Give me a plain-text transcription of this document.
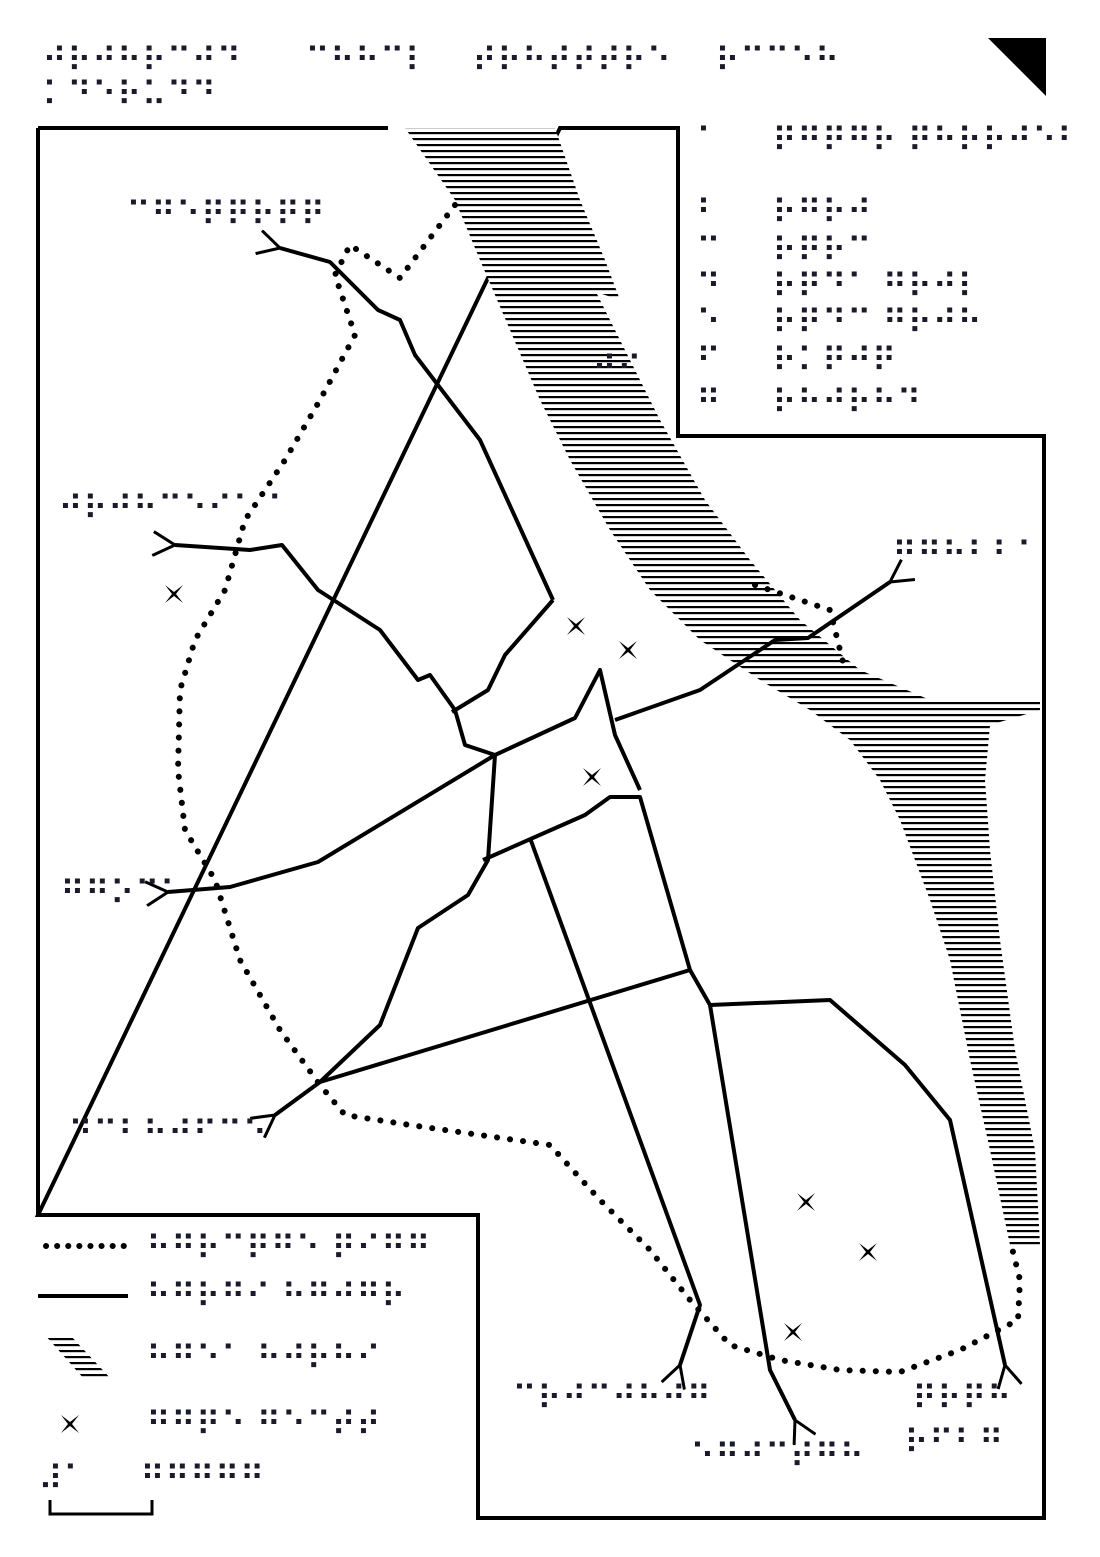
⠚⠗⠚⠓⠗⠉⠚⠙ ⠉⠓⠓⠉⠇ ⠞⠗⠓⠞⠞⠞⠗⠑ ⠗⠉⠉⠑⠓
⠅⠙⠑⠗⠥⠙⠙
⠉⠛⠑⠟⠟⠗⠟⠟
⠚⠗⠚⠓⠉⠑⠊⠁⠈
⠛⠛⠕⠉⠁
⠙⠉⠃⠓⠚⠋⠉⠑
⠉⠗⠚⠉⠚⠓⠚⠛
⠑⠛⠚⠉⠞⠛⠓
⠟⠗⠟⠓
⠗⠋⠃⠛
⠛⠛⠓⠃⠃⠁
⠚⠊
⠁ ⠟⠛⠟⠛⠗ ⠟⠓⠗⠗⠚⠑⠃
⠃ ⠗⠛⠗⠚
⠉ ⠗⠟⠗⠉
⠙ ⠗⠟⠙⠁ ⠛⠗⠚⠇
⠑ ⠗⠟⠙⠉ ⠛⠗⠚⠓
⠋ ⠗⠅⠟⠚⠟
⠛ ⠗⠓⠚⠗⠓⠙
⠓⠛⠗⠉⠟⠛⠑ ⠟⠊⠛⠛
⠓⠛⠗⠛⠊ ⠓⠛⠚⠛⠗
⠓⠛⠑⠁ ⠓⠚⠗⠓⠊
⠛⠛⠟⠑ ⠛⠑⠉⠞⠞
⠼⠁ ⠛⠛⠛⠛⠛
